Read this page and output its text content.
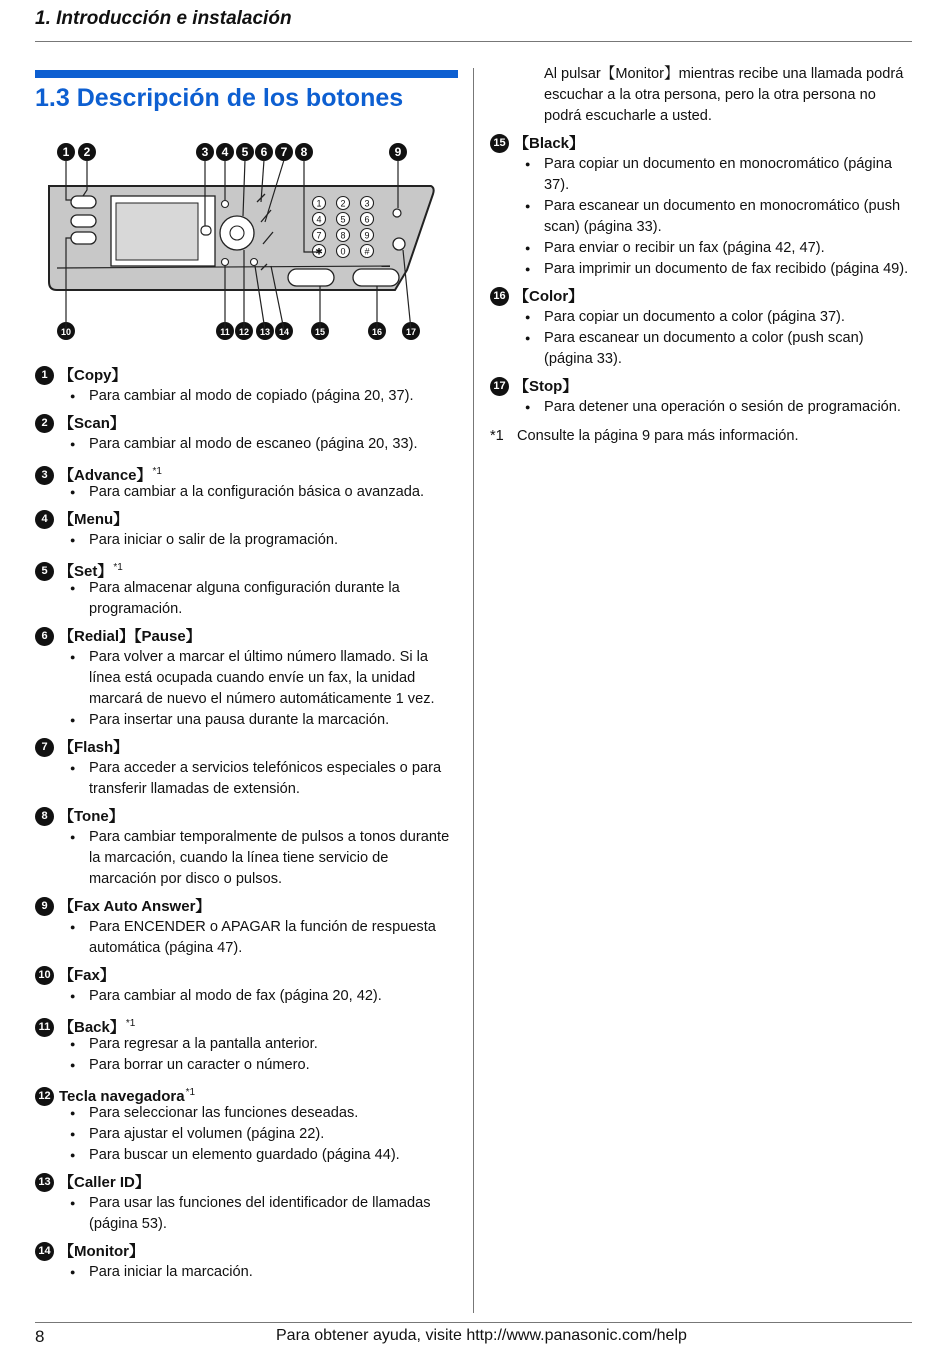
1. Introducción e instalación
1.3 Descripción de los botones
1 2	3 4 5 6 7 8	9
10	11 12 13 14	15	16	17
1 2 3
4 5 6
7 8 9
✱ 0 #
1 【Copy】
● Para cambiar al modo de copiado (página 20, 37).
2 【Scan】
● Para cambiar al modo de escaneo (página 20, 33).
3 【Advance】$^{*1}$
● Para cambiar a la configuración básica o avanzada.
4 【Menu】
● Para iniciar o salir de la programación.
5 【Set】$^{*1}$
● Para almacenar alguna configuración durante la programación.
6 【Redial】【Pause】
● Para volver a marcar el último número llamado. Si la línea está ocupada cuando envíe un fax, la unidad marcará de nuevo el número automáticamente 1 vez.
● Para insertar una pausa durante la marcación.
7 【Flash】
● Para acceder a servicios telefónicos especiales o para transferir llamadas de extensión.
8 【Tone】
● Para cambiar temporalmente de pulsos a tonos durante la marcación, cuando la línea tiene servicio de marcación por disco o pulsos.
9 【Fax Auto Answer】
● Para ENCENDER o APAGAR la función de respuesta automática (página 47).
10 【Fax】
● Para cambiar al modo de fax (página 20, 42).
11 【Back】$^{*1}$
● Para regresar a la pantalla anterior.
● Para borrar un caracter o número.
12 Tecla navegadora$^{*1}$
● Para seleccionar las funciones deseadas.
● Para ajustar el volumen (página 22).
● Para buscar un elemento guardado (página 44).
13 【Caller ID】
● Para usar las funciones del identificador de llamadas (página 53).
14 【Monitor】
● Para iniciar la marcación.

Al pulsar【Monitor】mientras recibe una llamada podrá escuchar a la otra persona, pero la otra persona no podrá escucharle a usted.

15 【Black】
● Para copiar un documento en monocromático (página 37).
● Para escanear un documento en monocromático (push scan) (página 33).
● Para enviar o recibir un fax (página 42, 47).
● Para imprimir un documento de fax recibido (página 49).
16 【Color】
● Para copiar un documento a color (página 37).
● Para escanear un documento a color (push scan) (página 33).
17 【Stop】
● Para detener una operación o sesión de programación.
*1 Consulte la página 9 para más información.
8	Para obtener ayuda, visite http://www.panasonic.com/help
